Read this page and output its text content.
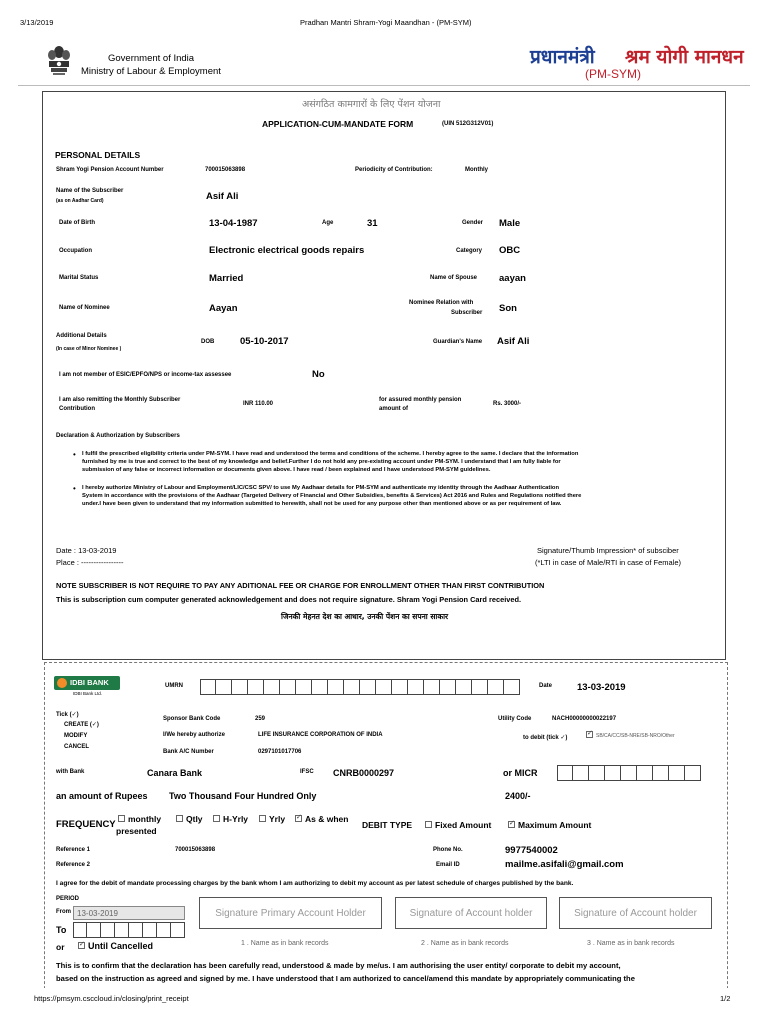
3/13/2019	Pradhan Mantri Shram-Yogi Maandhan - (PM-SYM)
Government of India
Ministry of Labour & Employment
प्रधानमंत्री श्रम योगी मानधन
(PM-SYM)
असंगठित कामगारों के लिए पेंशन योजना
APPLICATION-CUM-MANDATE FORM	(UIN 512G312V01)
PERSONAL DETAILS
Shram Yogi Pension Account Number	700015063898	Periodicity of Contribution:	Monthly
Name of the Subscriber
(as on Aadhar Card)	Asif Ali
Date of Birth	13-04-1987	Age	31	Gender Male
Occupation	Electronic electrical goods repairs	Category OBC
Marital Status	Married	Name of Spouse aayan
Name of Nominee	Aayan	Nominee Relation with
Subscriber Son
Additional Details
(In case of Minor Nominee )
DOB	05-10-2017	Guardian's Name Asif Ali
I am not member of ESIC/EPFO/NPS or income-tax assessee	No
I am also remitting the Monthly Subscriber
Contribution
INR 110.00
for assured monthly pension
amount of
Rs. 3000/-
Declaration & Authorization by Subscribers
• I fulfil the prescribed eligibility criteria under PM-SYM. I have read and understood the terms and conditions of the scheme. I hereby agree to the same. I declare that the information
furnished by me is true and correct to the best of my knowledge and belief.Further I do not hold any pre-existing account under PM-SYM. I understand that I am fully liable for
submission of any false or incorrect information or documents given above. I have read / been explained and I have understood PM-SYM guidelines.
• I hereby authorize Ministry of Labour and Employment/LIC/CSC SPV/ to use My Aadhaar details for PM-SYM and authenticate my identity through the Aadhaar Authentication
System in accordance with the provisions of the Aadhaar (Targeted Delivery of Financial and Other Subsidies, benefits & Services) Act 2016 and Rules and Regulations notified there
under.I have been given to understand that my information submitted to herewith, shall not be used for any purpose other than mentioned above or as per requirement of law.
Date : 13-03-2019
Place : -----------------
Signature/Thumb Impression* of subsciber
(*LTI in case of Male/RTI in case of Female)
NOTE SUBSCRIBER IS NOT REQUIRE TO PAY ANY ADITIONAL FEE OR CHARGE FOR ENROLLMENT OTHER THAN FIRST CONTRIBUTION
This is subscription cum computer generated acknowledgement and does not require signature. Shram Yogi Pension Card received.
जिनकी मेहनत देश का आधार, उनकी पेंशन का सपना साकार
IDBI BANK
IDBI Bank Ltd.
UMRN	Date	13-03-2019
Tick (✓)
CREATE (✓)
MODIFY
CANCEL
Sponsor Bank Code	259	Utility Code	NACH00000000022197
I/We hereby authorize	LIFE INSURANCE CORPORATION OF INDIA	to debit (tick ✓) ✓	SB/CA/CC/SB-NRE/SB-NRO/Other
Bank A/C Number	0297101017706
with Bank	Canara Bank	IFSC CNRB0000297	or MICR
an amount of Rupees Two Thousand Four Hundred Only	2400/-
FREQUENCY	monthly
presented
Qtly	H-Yrly	Yrly ✓	As & when
DEBIT TYPE	Fixed Amount ✓	Maximum Amount
Reference 1	700015063898	Phone No.	9977540002
Reference 2	Email ID	mailme.asifali@gmail.com
I agree for the debit of mandate processing charges by the bank whom I am authorizing to debit my account as per latest schedule of charges published by the bank.
PERIOD
From 13-03-2019
To
or ✓	Until Cancelled
Signature Primary Account Holder	Signature of Account holder	Signature of Account holder
1 . Name as in bank records	2 . Name as in bank records	3 . Name as in bank records
This is to confirm that the declaration has been carefully read, understood & made by me/us. I am authorising the user entity/ corporate to debit my account,
based on the instruction as agreed and signed by me. I have understood that I am authorized to cancel/amend this mandate by appropriately communicating the
https://pmsym.csccloud.in/closing/print_receipt	1/2
